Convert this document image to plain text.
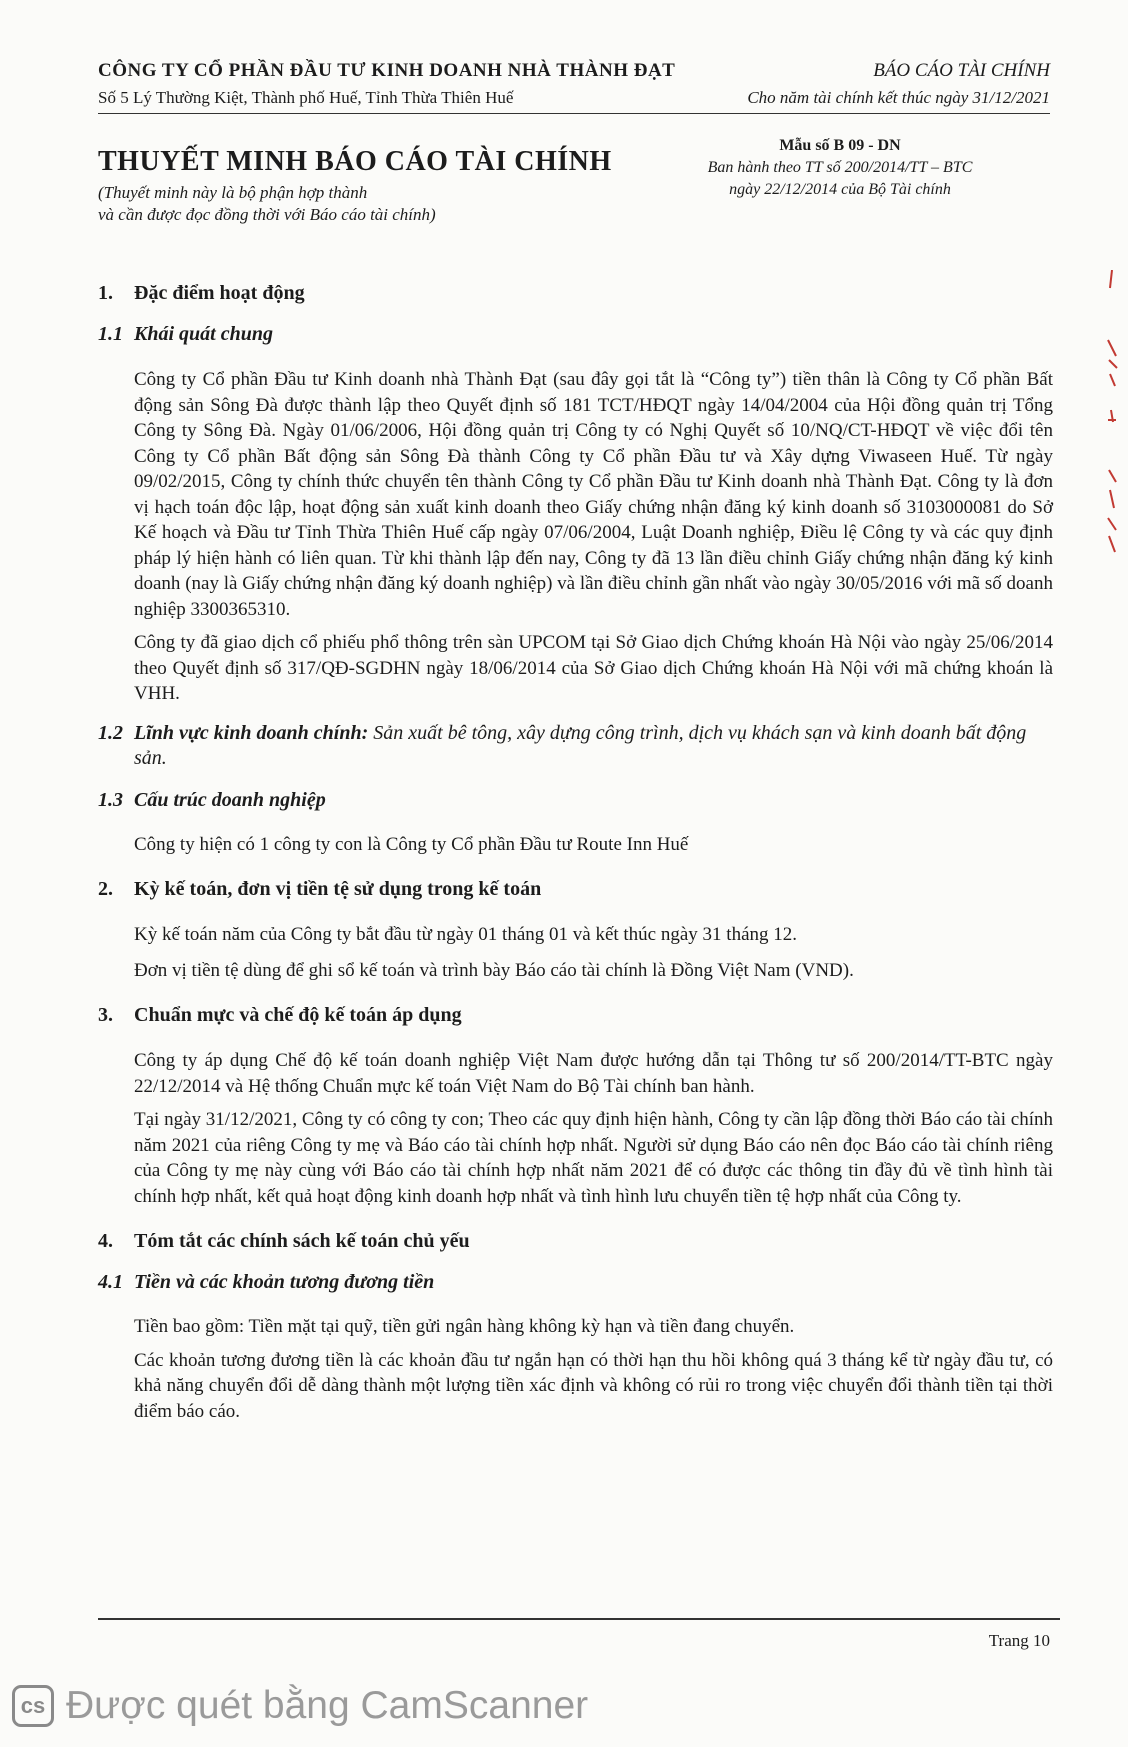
CÔNG TY CỔ PHẦN ĐẦU TƯ KINH DOANH NHÀ THÀNH ĐẠT
Số 5 Lý Thường Kiệt, Thành phố Huế, Tỉnh Thừa Thiên Huế
BÁO CÁO TÀI CHÍNH
Cho năm tài chính kết thúc ngày 31/12/2021
THUYẾT MINH BÁO CÁO TÀI CHÍNH
(Thuyết minh này là bộ phận hợp thành
và cần được đọc đồng thời với Báo cáo tài chính)
Mẫu số B 09 - DN
Ban hành theo TT số 200/2014/TT – BTC
ngày 22/12/2014 của Bộ Tài chính
1. Đặc điểm hoạt động
1.1 Khái quát chung

Công ty Cổ phần Đầu tư Kinh doanh nhà Thành Đạt (sau đây gọi tắt là “Công ty”) tiền thân là Công ty Cổ phần Bất động sản Sông Đà được thành lập theo Quyết định số 181 TCT/HĐQT ngày 14/04/2004 của Hội đồng quản trị Tổng Công ty Sông Đà. Ngày 01/06/2006, Hội đồng quản trị Công ty có Nghị Quyết số 10/NQ/CT-HĐQT về việc đổi tên Công ty Cổ phần Bất động sản Sông Đà thành Công ty Cổ phần Đầu tư và Xây dựng Viwaseen Huế. Từ ngày 09/02/2015, Công ty chính thức chuyển tên thành Công ty Cổ phần Đầu tư Kinh doanh nhà Thành Đạt. Công ty là đơn vị hạch toán độc lập, hoạt động sản xuất kinh doanh theo Giấy chứng nhận đăng ký kinh doanh số 3103000081 do Sở Kế hoạch và Đầu tư Tỉnh Thừa Thiên Huế cấp ngày 07/06/2004, Luật Doanh nghiệp, Điều lệ Công ty và các quy định pháp lý hiện hành có liên quan. Từ khi thành lập đến nay, Công ty đã 13 lần điều chỉnh Giấy chứng nhận đăng ký kinh doanh (nay là Giấy chứng nhận đăng ký doanh nghiệp) và lần điều chỉnh gần nhất vào ngày 30/05/2016 với mã số doanh nghiệp 3300365310.

Công ty đã giao dịch cổ phiếu phổ thông trên sàn UPCOM tại Sở Giao dịch Chứng khoán Hà Nội vào ngày 25/06/2014 theo Quyết định số 317/QĐ-SGDHN ngày 18/06/2014 của Sở Giao dịch Chứng khoán Hà Nội với mã chứng khoán là VHH.

1.2 Lĩnh vực kinh doanh chính: Sản xuất bê tông, xây dựng công trình, dịch vụ khách sạn và kinh doanh bất động sản.
1.3 Cấu trúc doanh nghiệp

Công ty hiện có 1 công ty con là Công ty Cổ phần Đầu tư Route Inn Huế

2. Kỳ kế toán, đơn vị tiền tệ sử dụng trong kế toán

Kỳ kế toán năm của Công ty bắt đầu từ ngày 01 tháng 01 và kết thúc ngày 31 tháng 12.

Đơn vị tiền tệ dùng để ghi sổ kế toán và trình bày Báo cáo tài chính là Đồng Việt Nam (VND).

3. Chuẩn mực và chế độ kế toán áp dụng

Công ty áp dụng Chế độ kế toán doanh nghiệp Việt Nam được hướng dẫn tại Thông tư số 200/2014/TT-BTC ngày 22/12/2014 và Hệ thống Chuẩn mực kế toán Việt Nam do Bộ Tài chính ban hành.

Tại ngày 31/12/2021, Công ty có công ty con; Theo các quy định hiện hành, Công ty cần lập đồng thời Báo cáo tài chính năm 2021 của riêng Công ty mẹ và Báo cáo tài chính hợp nhất. Người sử dụng Báo cáo nên đọc Báo cáo tài chính riêng của Công ty mẹ này cùng với Báo cáo tài chính hợp nhất năm 2021 để có được các thông tin đầy đủ về tình hình tài chính hợp nhất, kết quả hoạt động kinh doanh hợp nhất và tình hình lưu chuyển tiền tệ hợp nhất của Công ty.

4. Tóm tắt các chính sách kế toán chủ yếu
4.1 Tiền và các khoản tương đương tiền

Tiền bao gồm: Tiền mặt tại quỹ, tiền gửi ngân hàng không kỳ hạn và tiền đang chuyển.

Các khoản tương đương tiền là các khoản đầu tư ngắn hạn có thời hạn thu hồi không quá 3 tháng kể từ ngày đầu tư, có khả năng chuyển đổi dễ dàng thành một lượng tiền xác định và không có rủi ro trong việc chuyển đổi thành tiền tại thời điểm báo cáo.

Trang 10
cs Được quét bằng CamScanner
